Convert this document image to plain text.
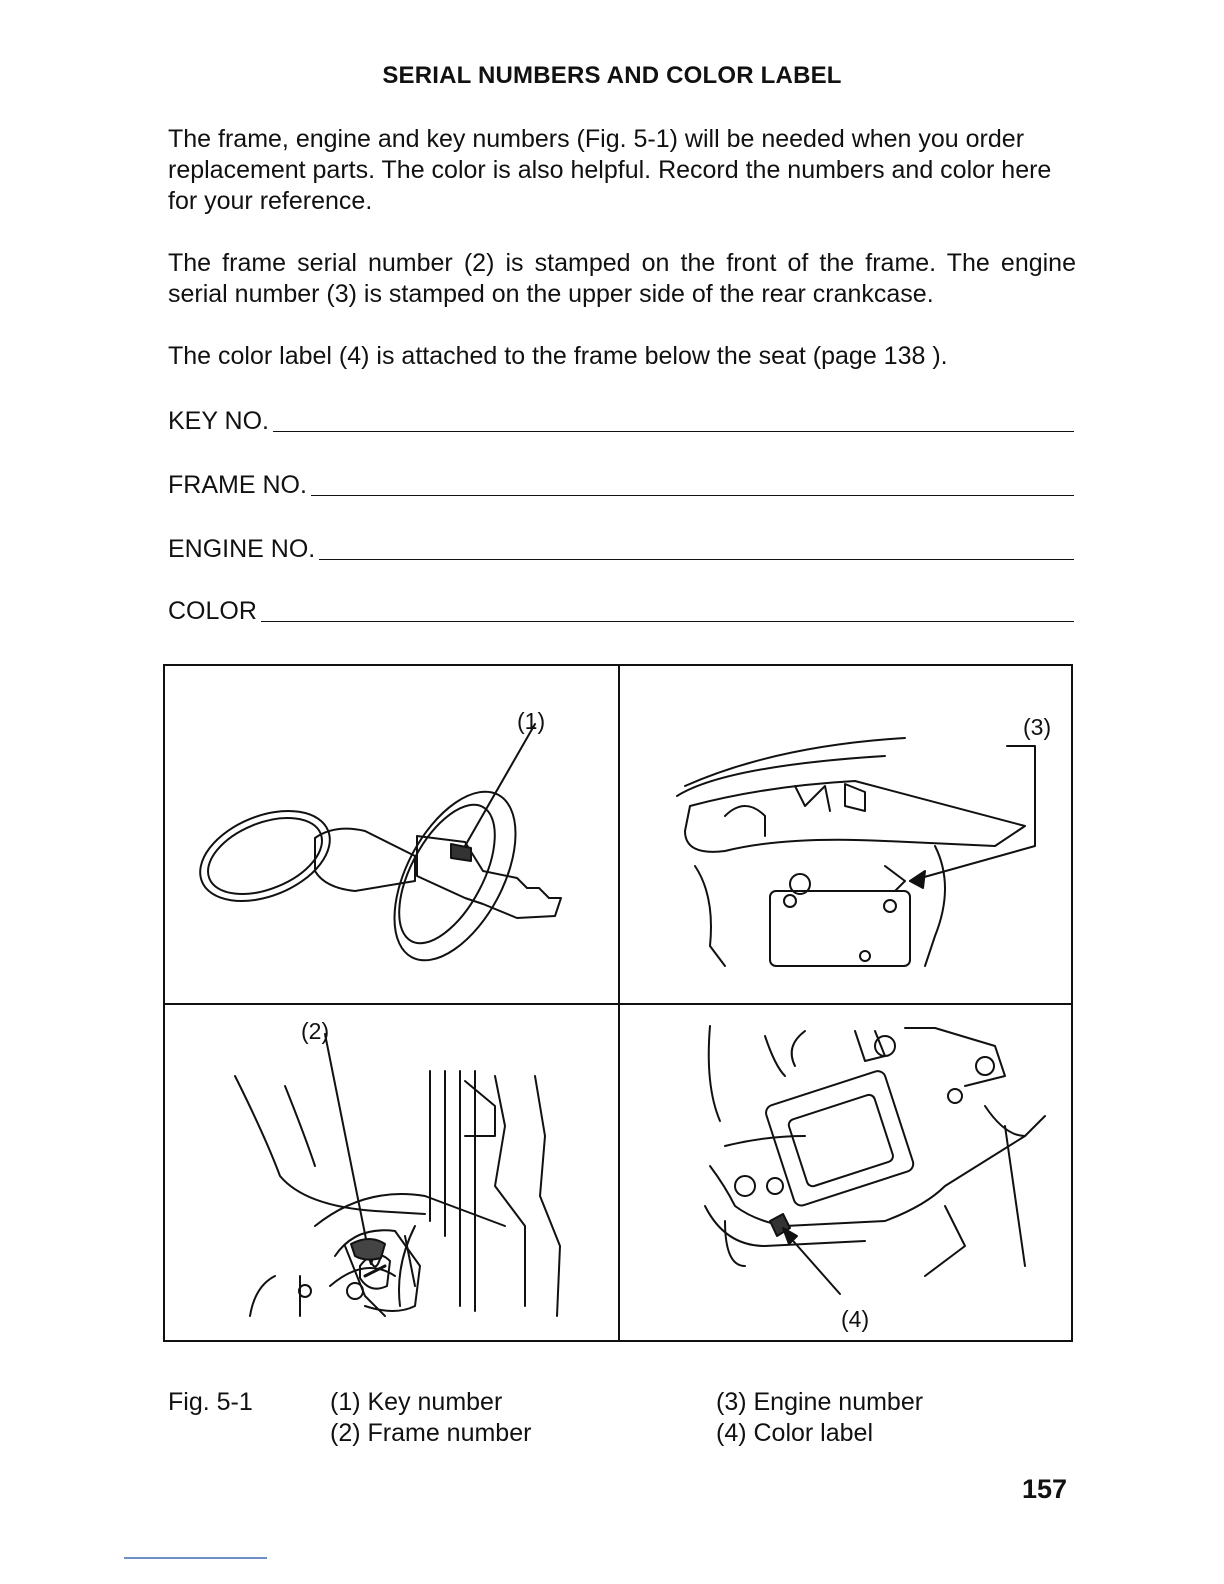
SERIAL NUMBERS AND COLOR LABEL
The frame, engine and key numbers (Fig. 5-1) will be needed when you order replacement parts. The color is also helpful. Record the numbers and color here for your reference.
The frame serial number (2) is stamped on the front of the frame. The engine serial number (3) is stamped on the upper side of the rear crankcase.
The color label (4) is attached to the frame below the seat (page 138 ).
KEY NO.
FRAME NO.
ENGINE NO.
COLOR
(1)	(3)
(2)
(4)
Fig. 5-1	(1) Key number
(2) Frame number
(3) Engine number
(4) Color label
157
